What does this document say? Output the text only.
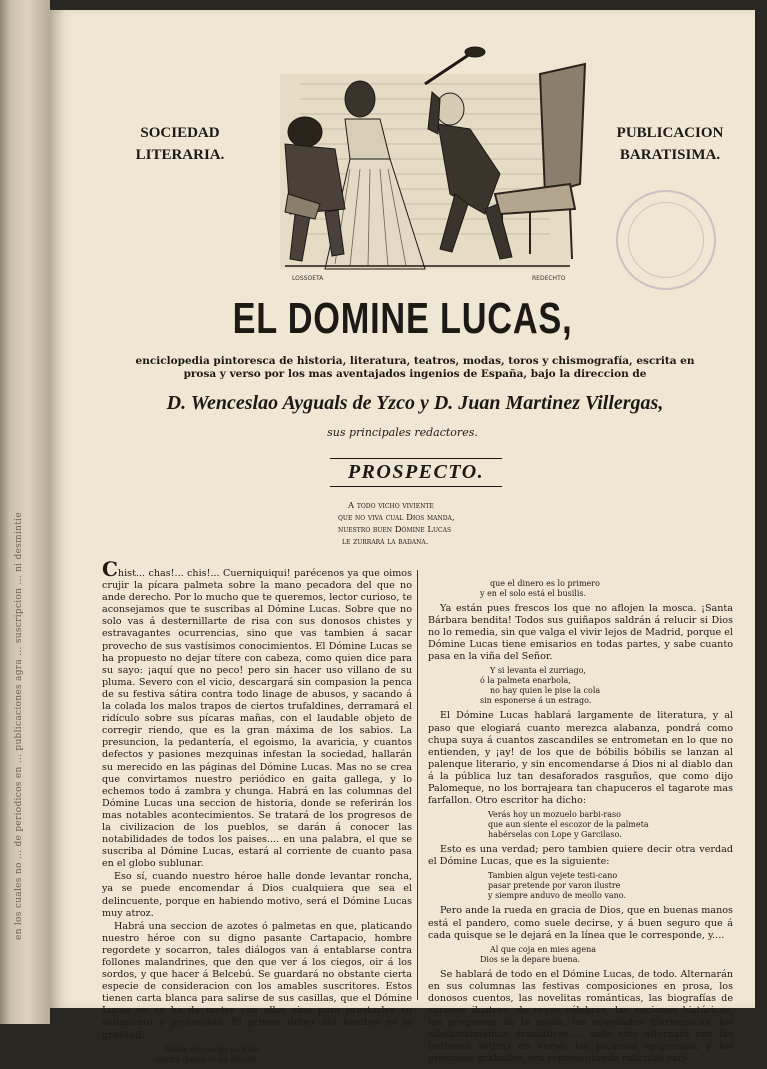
en los cuales no ... de periodicos en ... publicaciones agra ... suscripcion ... ni desmintie
SOCIEDAD
LITERARIA.
PUBLICACION
BARATISIMA.
LOSSOETA	REDECHTO
EL DOMINE LUCAS,
enciclopedia pintoresca de historia, literatura, teatros, modas, toros y chismografía, escrita en prosa y verso por los mas aventajados ingenios de España, bajo la direccion de
D. Wenceslao Ayguals de Yzco y D. Juan Martinez Villergas,
sus principales redactores.
PROSPECTO.
A todo vicho viviente
que no viva cual Dios manda,
nuestro buen Dómine Lucas
le zurrará la badana.

Chist... chas!... chis!... Cuerniquiqui! parécenos ya que oimos crujir la pícara palmeta sobre la mano pecadora del que no ande derecho. Por lo mucho que te queremos, lector curioso, te aconsejamos que te suscribas al Dómine Lucas. Sobre que no solo vas á desternillarte de risa con sus donosos chistes y estravagantes ocurrencias, sino que vas tambien á sacar provecho de sus vastísimos conocimientos. El Dómine Lucas se ha propuesto no dejar títere con cabeza, como quien dice para su sayo: ¡aquí que no peco! pero sin hacer uso villano de su pluma. Severo con el vicio, descargará sin compasion la penca de su festiva sátira contra todo linage de abusos, y sacando á la colada los malos trapos de ciertos trufaldines, derramará el ridículo sobre sus pícaras mañas, con el laudable objeto de corregir riendo, que es la gran máxima de los sabios. La presuncion, la pedantería, el egoismo, la avaricia, y cuantos defectos y pasiones mezquinas infestan la sociedad, hallarán su merecido en las páginas del Dómine Lucas. Mas no se crea que convirtamos nuestro periódico en gaita gallega, y lo echemos todo á zambra y chunga. Habrá en las columnas del Dómine Lucas una seccion de historia, donde se referirán los mas notables acontecimientos. Se tratará de los progresos de la civilizacion de los pueblos, se darán á conocer las notabilidades de todos los paises.... en una palabra, el que se suscriba al Dómine Lucas, estará al corriente de cuanto pasa en el globo sublunar.

Eso sí, cuando nuestro héroe halle donde levantar roncha, ya se puede encomendar á Dios cualquiera que sea el delincuente, porque en habiendo motivo, será el Dómine Lucas muy atroz.

Habrá una seccion de azotes ó palmetas en que, platicando nuestro héroe con su digno pasante Cartapacio, hombre regordete y socarron, tales diálogos van á entablarse contra follones malandrines, que den que ver á los ciegos, oir á los sordos, y que hacer á Belcebú. Se guardará no obstante cierta especie de consideracion con los amables suscritores. Estos tienen carta blanca para salirse de sus casillas, que el Dómine Lucas no se ha de meter con ellos sino para prestarles su valimiento y proteccion. El primer deber del hombre es la gratitud.

Nadie descarga su bilis
contra quien le da dinero,
que el dinero es lo primero
y en el solo está el busilis.

Ya están pues frescos los que no aflojen la mosca. ¡Santa Bárbara bendita! Todos sus guiñapos saldrán á relucir si Dios no lo remedia, sin que valga el vivir lejos de Madrid, porque el Dómine Lucas tiene emisarios en todas partes, y sabe cuanto pasa en la viña del Señor.

Y si levanta el zurriago,
ó la palmeta enarbola,
no hay quien le pise la cola
sin esponerse á un estrago.

El Dómine Lucas hablará largamente de literatura, y al paso que elogiará cuanto merezca alabanza, pondrá como chupa suya á cuantos zascandiles se entrometan en lo que no entienden, y ¡ay! de los que de bóbilis bóbilis se lanzan al palenque literario, y sin encomendarse á Dios ni al diablo dan á la pública luz tan desaforados rasguños, que como dijo Palomeque, no los borrajeara tan chapuceros el tagarote mas farfallon. Otro escritor ha dicho:

Verás hoy un mozuelo barbi-raso
que aun siente el escozor de la palmeta
habérselas con Lope y Garcilaso.

Esto es una verdad; pero tambien quiere decir otra verdad el Dómine Lucas, que es la siguiente:

Tambien algun vejete testi-cano
pasar pretende por varon ilustre
y siempre anduvo de meollo vano.

Pero ande la rueda en gracia de Dios, que en buenas manos está el pandero, como suele decirse, y á buen seguro que á cada quisque se le dejará en la línea que le corresponde, y....

Al que coja en mies agena
Dios se la depare buena.

Se hablará de todo en el Dómine Lucas, de todo. Alternarán en sus columnas las festivas composiciones en prosa, los donosos cuentos, las novelitas románticas, las biografías de varones ilustres, de reyes célebres, las nociones históricas, los progresos de la moda, las novedades filarmónicas, los adelantamientos dramáticos..... todo esto alternará con las burlonas sátiras en verso, los picantes epigramas, y los preciosos grabados, ora representando ridículas cari-
